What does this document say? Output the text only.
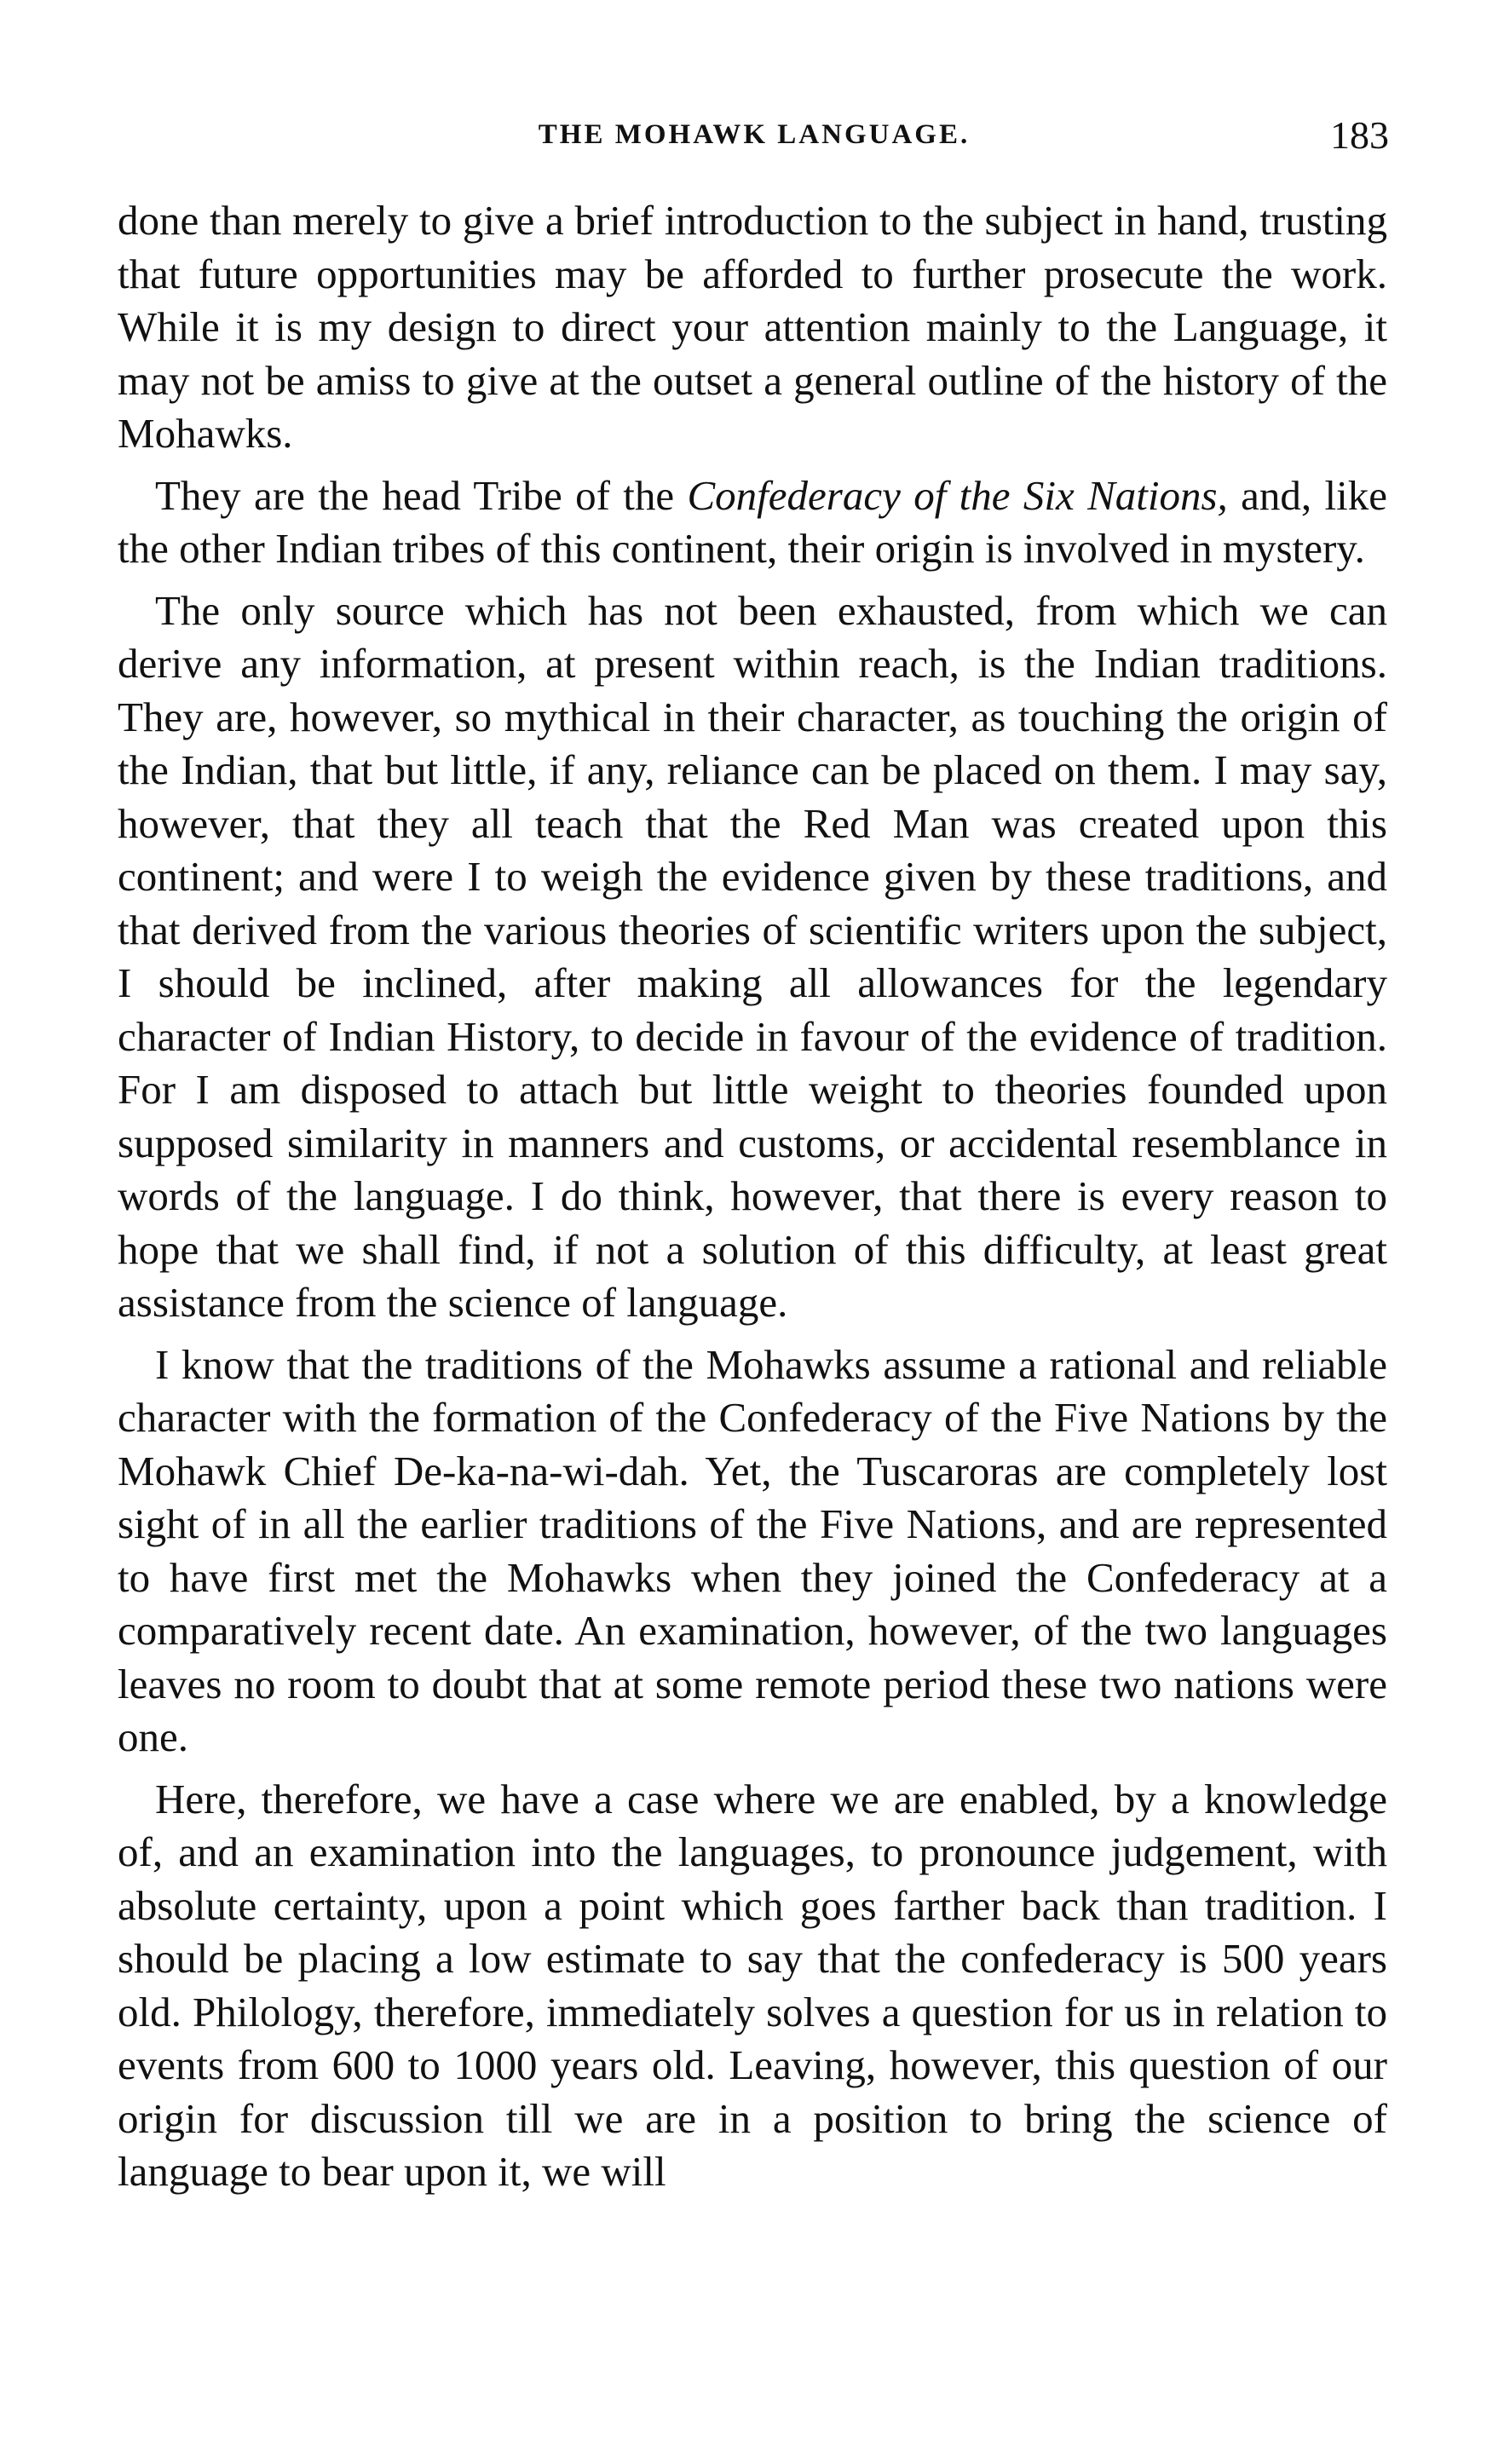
THE MOHAWK LANGUAGE.	183

done than merely to give a brief introduction to the subject in hand, trusting that future opportunities may be afforded to further prosecute the work. While it is my design to direct your attention mainly to the Language, it may not be amiss to give at the outset a general outline of the history of the Mohawks.

They are the head Tribe of the Confederacy of the Six Nations, and, like the other Indian tribes of this continent, their origin is involved in mystery.

The only source which has not been exhausted, from which we can derive any information, at present within reach, is the Indian traditions. They are, however, so mythical in their character, as touching the origin of the Indian, that but little, if any, reliance can be placed on them. I may say, however, that they all teach that the Red Man was created upon this continent; and were I to weigh the evidence given by these traditions, and that derived from the various theories of scientific writers upon the subject, I should be inclined, after making all allowances for the legendary character of Indian History, to decide in favour of the evidence of tradition. For I am disposed to attach but little weight to theories founded upon supposed similarity in manners and customs, or accidental resemblance in words of the language. I do think, however, that there is every reason to hope that we shall find, if not a solution of this difficulty, at least great assistance from the science of language.

I know that the traditions of the Mohawks assume a rational and reliable character with the formation of the Confederacy of the Five Nations by the Mohawk Chief De-ka-na-wi-dah. Yet, the Tuscaroras are completely lost sight of in all the earlier traditions of the Five Nations, and are represented to have first met the Mohawks when they joined the Confederacy at a comparatively recent date. An examination, however, of the two languages leaves no room to doubt that at some remote period these two nations were one.

Here, therefore, we have a case where we are enabled, by a knowledge of, and an examination into the languages, to pronounce judgement, with absolute certainty, upon a point which goes farther back than tradition. I should be placing a low estimate to say that the confederacy is 500 years old. Philology, therefore, immediately solves a question for us in relation to events from 600 to 1000 years old. Leaving, however, this question of our origin for discussion till we are in a position to bring the science of language to bear upon it, we will
